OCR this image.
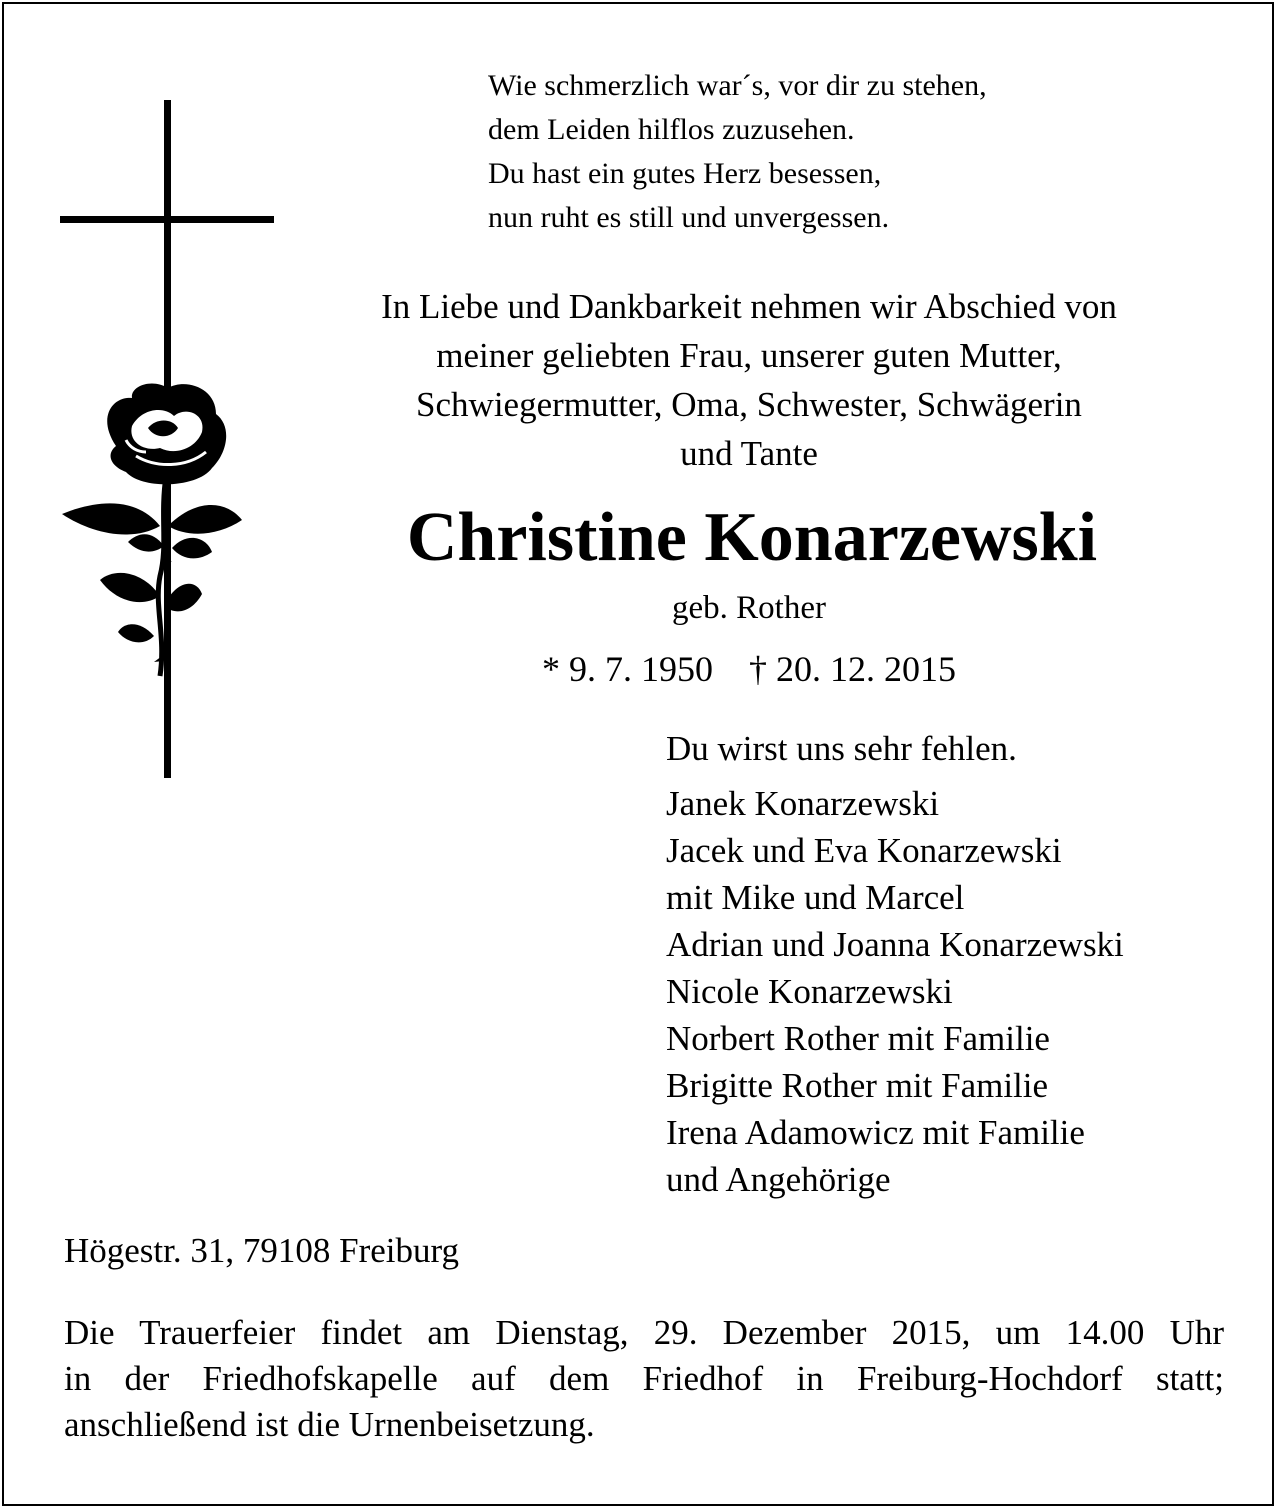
Wie schmerzlich war´s, vor dir zu stehen,
dem Leiden hilflos zuzusehen.
Du hast ein gutes Herz besessen,
nun ruht es still und unvergessen.
In Liebe und Dankbarkeit nehmen wir Abschied von
meiner geliebten Frau, unserer guten Mutter,
Schwiegermutter, Oma, Schwester, Schwägerin
und Tante
Christine Konarzewski
geb. Rother
* 9. 7. 1950 † 20. 12. 2015
Du wirst uns sehr fehlen.
Janek Konarzewski
Jacek und Eva Konarzewski
mit Mike und Marcel
Adrian und Joanna Konarzewski
Nicole Konarzewski
Norbert Rother mit Familie
Brigitte Rother mit Familie
Irena Adamowicz mit Familie
und Angehörige
Högestr. 31, 79108 Freiburg
Die Trauerfeier findet am Dienstag, 29. Dezember 2015, um 14.00 Uhr
in der Friedhofskapelle auf dem Friedhof in Freiburg-Hochdorf statt;
anschließend ist die Urnenbeisetzung.
